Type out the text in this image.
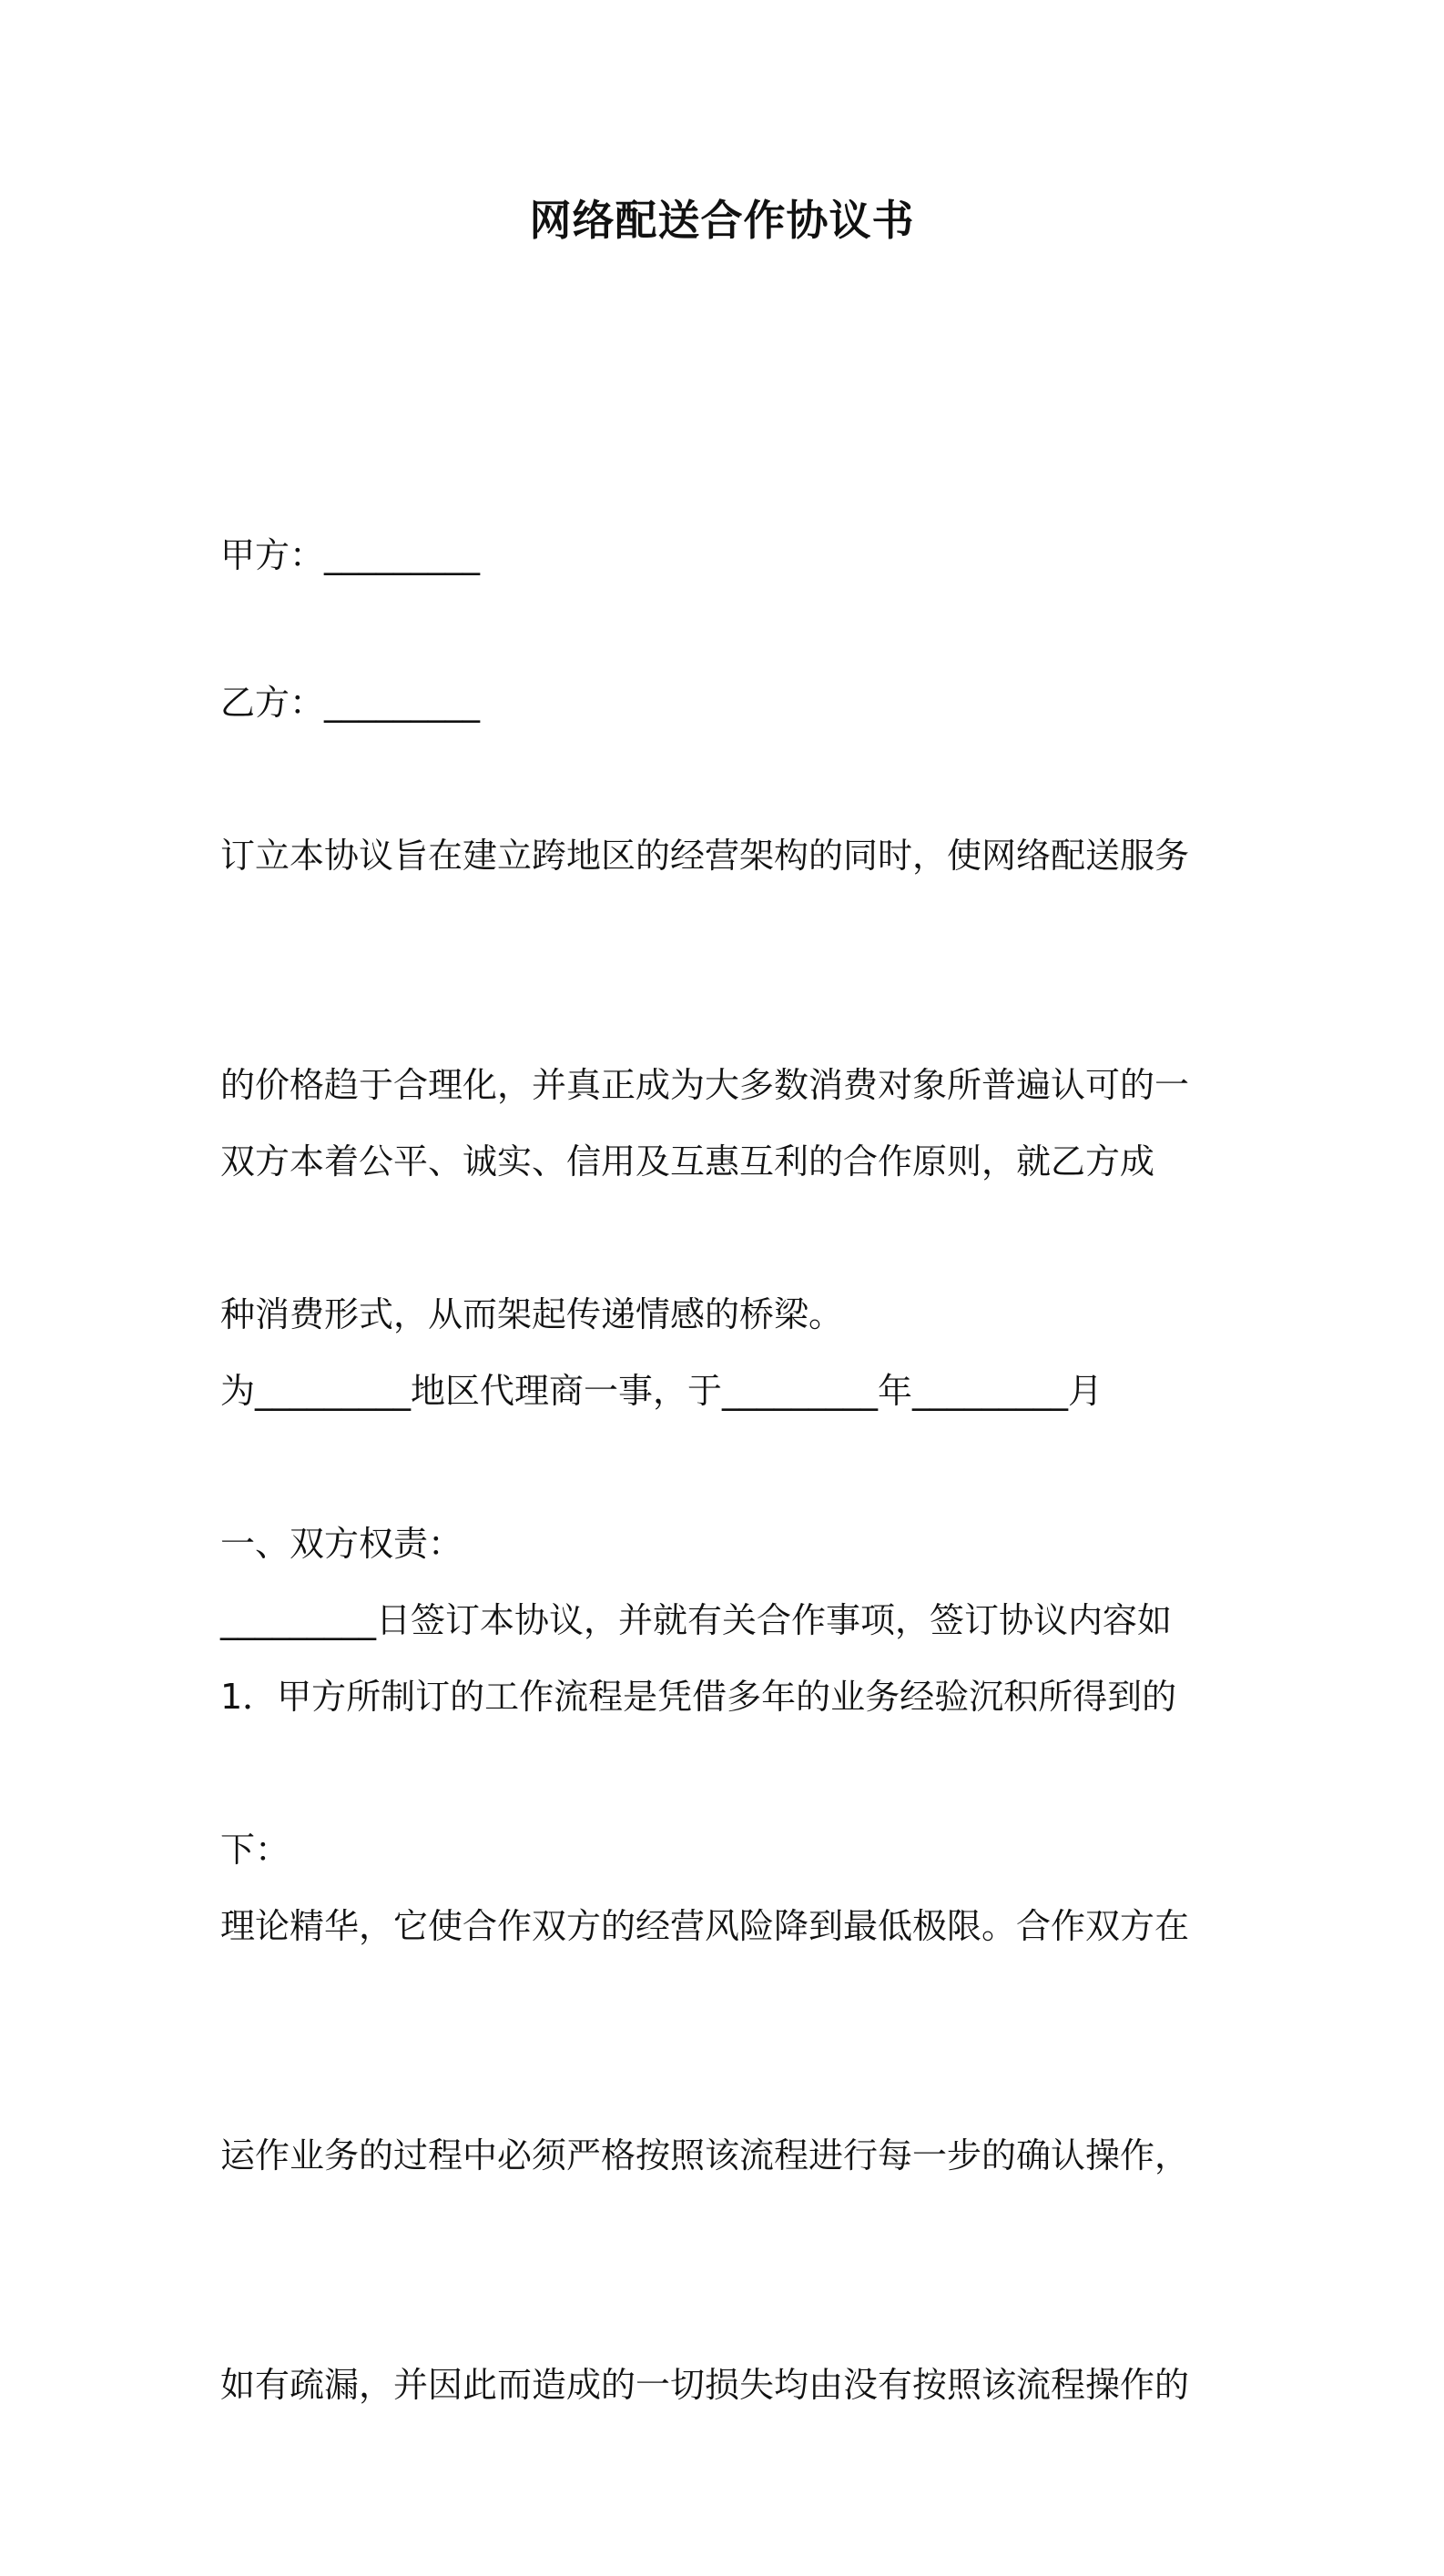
网络配送合作协议书

甲方：_________

乙方：_________

订立本协议旨在建立跨地区的经营架构的同时，使网络配送服务

的价格趋于合理化，并真正成为大多数消费对象所普遍认可的一

种消费形式，从而架起传递情感的桥梁。

双方本着公平、诚实、信用及互惠互利的合作原则，就乙方成

为_________地区代理商一事，于_________年_________月

_________日签订本协议，并就有关合作事项，签订协议内容如

下：

一、双方权责：

1．甲方所制订的工作流程是凭借多年的业务经验沉积所得到的

理论精华，它使合作双方的经营风险降到最低极限。合作双方在

运作业务的过程中必须严格按照该流程进行每一步的确认操作，

如有疏漏，并因此而造成的一切损失均由没有按照该流程操作的
